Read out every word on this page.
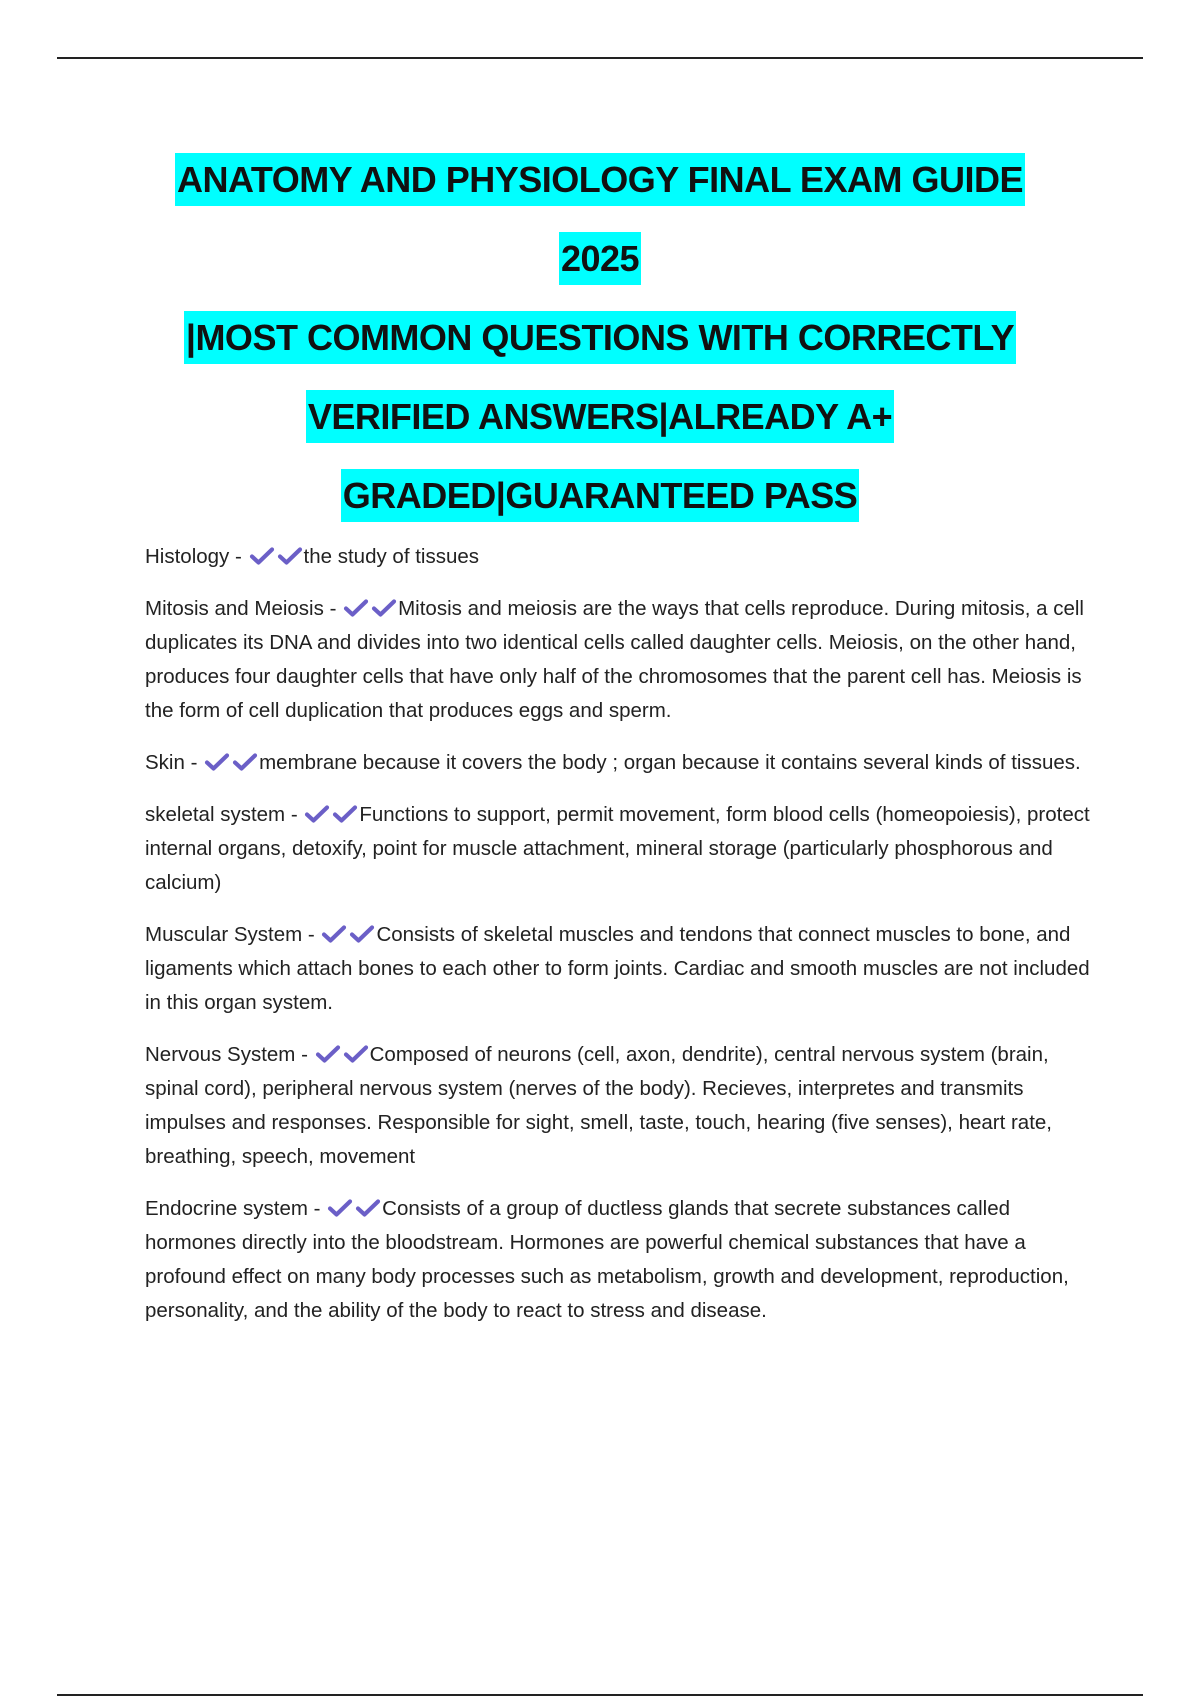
ANATOMY AND PHYSIOLOGY FINAL EXAM GUIDE
2025
|MOST COMMON QUESTIONS WITH CORRECTLY
VERIFIED ANSWERS|ALREADY A+
GRADED|GUARANTEED PASS

Histology -	the study of tissues

Mitosis and Meiosis -	Mitosis and meiosis are the ways that cells reproduce. During mitosis, a cell duplicates its DNA and divides into two identical cells called daughter cells. Meiosis, on the other hand, produces four daughter cells that have only half of the chromosomes that the parent cell has. Meiosis is the form of cell duplication that produces eggs and sperm.

Skin -	membrane because it covers the body ; organ because it contains several kinds of tissues.

skeletal system -	Functions to support, permit movement, form blood cells (homeopoiesis), protect internal organs, detoxify, point for muscle attachment, mineral storage (particularly phosphorous and calcium)

Muscular System -	Consists of skeletal muscles and tendons that connect muscles to bone, and ligaments which attach bones to each other to form joints. Cardiac and smooth muscles are not included in this organ system.

Nervous System -	Composed of neurons (cell, axon, dendrite), central nervous system (brain, spinal cord), peripheral nervous system (nerves of the body). Recieves, interpretes and transmits impulses and responses. Responsible for sight, smell, taste, touch, hearing (five senses), heart rate, breathing, speech, movement

Endocrine system -	Consists of a group of ductless glands that secrete substances called hormones directly into the bloodstream. Hormones are powerful chemical substances that have a profound effect on many body processes such as metabolism, growth and development, reproduction, personality, and the ability of the body to react to stress and disease.
